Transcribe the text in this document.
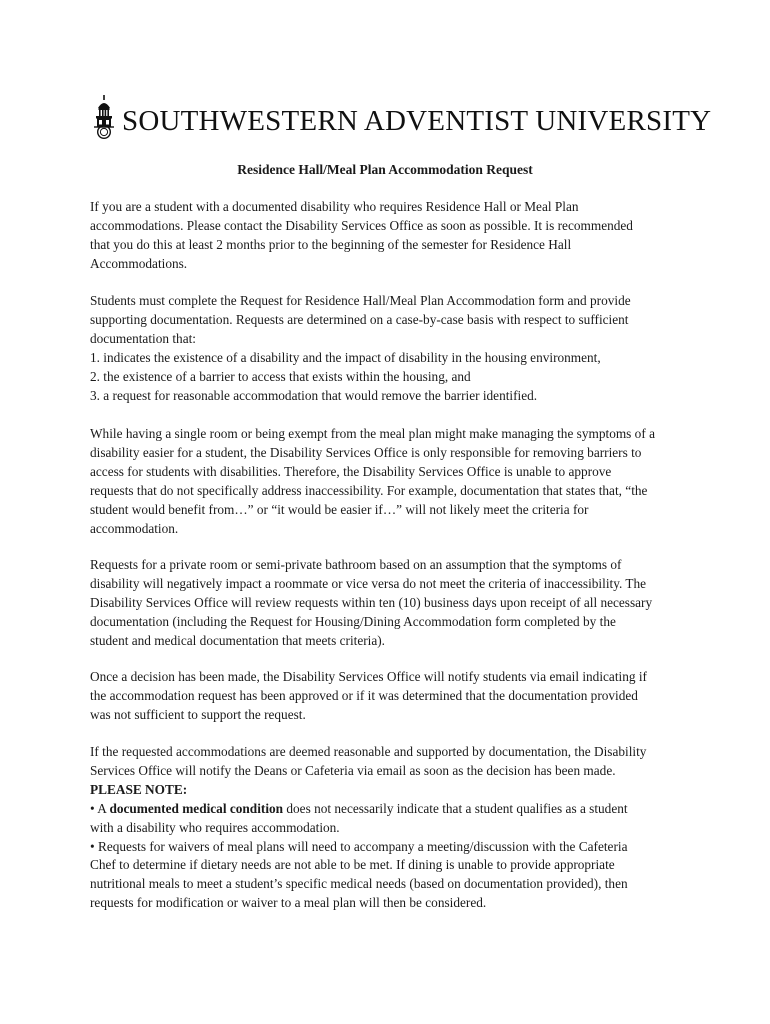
SOUTHWESTERN ADVENTIST UNIVERSITY
Residence Hall/Meal Plan Accommodation Request

If you are a student with a documented disability who requires Residence Hall or Meal Plan

accommodations. Please contact the Disability Services Office as soon as possible. It is recommended

that you do this at least 2 months prior to the beginning of the semester for Residence Hall

Accommodations.

Students must complete the Request for Residence Hall/Meal Plan Accommodation form and provide

supporting documentation. Requests are determined on a case-by-case basis with respect to sufficient

documentation that:

1. indicates the existence of a disability and the impact of disability in the housing environment,

2. the existence of a barrier to access that exists within the housing, and

3. a request for reasonable accommodation that would remove the barrier identified.

While having a single room or being exempt from the meal plan might make managing the symptoms of a

disability easier for a student, the Disability Services Office is only responsible for removing barriers to

access for students with disabilities. Therefore, the Disability Services Office is unable to approve

requests that do not specifically address inaccessibility. For example, documentation that states that, “the

student would benefit from…” or “it would be easier if…” will not likely meet the criteria for

accommodation.

Requests for a private room or semi-private bathroom based on an assumption that the symptoms of

disability will negatively impact a roommate or vice versa do not meet the criteria of inaccessibility. The

Disability Services Office will review requests within ten (10) business days upon receipt of all necessary

documentation (including the Request for Housing/Dining Accommodation form completed by the

student and medical documentation that meets criteria).

Once a decision has been made, the Disability Services Office will notify students via email indicating if

the accommodation request has been approved or if it was determined that the documentation provided

was not sufficient to support the request.

If the requested accommodations are deemed reasonable and supported by documentation, the Disability

Services Office will notify the Deans or Cafeteria via email as soon as the decision has been made.

PLEASE NOTE:

• A documented medical condition does not necessarily indicate that a student qualifies as a student

with a disability who requires accommodation.

• Requests for waivers of meal plans will need to accompany a meeting/discussion with the Cafeteria

Chef to determine if dietary needs are not able to be met. If dining is unable to provide appropriate

nutritional meals to meet a student’s specific medical needs (based on documentation provided), then

requests for modification or waiver to a meal plan will then be considered.
